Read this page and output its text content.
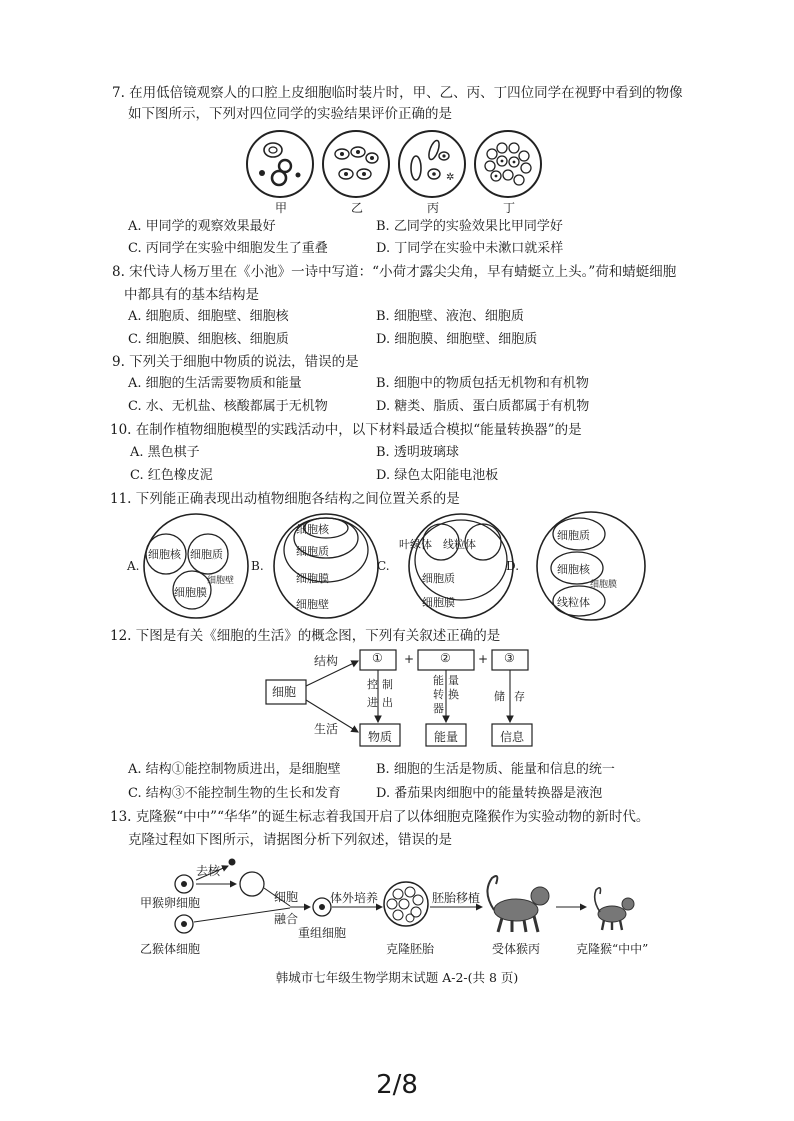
7. 在用低倍镜观察人的口腔上皮细胞临时装片时，甲、乙、丙、丁四位同学在视野中看到的物像
如下图所示，下列对四位同学的实验结果评价正确的是
✲
甲	乙	丙	丁
A. 甲同学的观察效果最好	B. 乙同学的实验效果比甲同学好
C. 丙同学在实验中细胞发生了重叠	D. 丁同学在实验中未漱口就采样
8. 宋代诗人杨万里在《小池》一诗中写道：“小荷才露尖尖角，早有蜻蜓立上头。”荷和蜻蜓细胞
中都具有的基本结构是
A. 细胞质、细胞壁、细胞核	B. 细胞壁、液泡、细胞质
C. 细胞膜、细胞核、细胞质	D. 细胞膜、细胞壁、细胞质
9. 下列关于细胞中物质的说法，错误的是
A. 细胞的生活需要物质和能量	B. 细胞中的物质包括无机物和有机物
C. 水、无机盐、核酸都属于无机物	D. 糖类、脂质、蛋白质都属于有机物
10. 在制作植物细胞模型的实践活动中，以下材料最适合模拟“能量转换器”的是
A. 黑色棋子	B. 透明玻璃球
C. 红色橡皮泥	D. 绿色太阳能电池板
11. 下列能正确表现出动植物细胞各结构之间位置关系的是
A.	B.	C.	D.
细胞核 细胞质
细胞膜
细胞壁
细胞核
细胞质
细胞膜
细胞壁
叶绿体 线粒体
细胞质
细胞膜
细胞质
细胞核
细胞膜
线粒体
12. 下图是有关《细胞的生活》的概念图，下列有关叙述正确的是
细胞
结构
生活
①	②	③
+	+
控 制
进 出
能 量
转 换
器
储 存
物质	能量	信息
A. 结构①能控制物质进出，是细胞壁	B. 细胞的生活是物质、能量和信息的统一
C. 结构③不能控制生物的生长和发育	D. 番茄果肉细胞中的能量转换器是液泡
13. 克隆猴“中中”“华华”的诞生标志着我国开启了以体细胞克隆猴作为实验动物的新时代。
克隆过程如下图所示，请据图分析下列叙述，错误的是
去核
甲猴卵细胞
乙猴体细胞
细胞
融合
重组细胞
体外培养
克隆胚胎
胚胎移植
受体猴丙	克隆猴“中中”
韩城市七年级生物学期末试题 A-2-(共 8 页)
2/8
